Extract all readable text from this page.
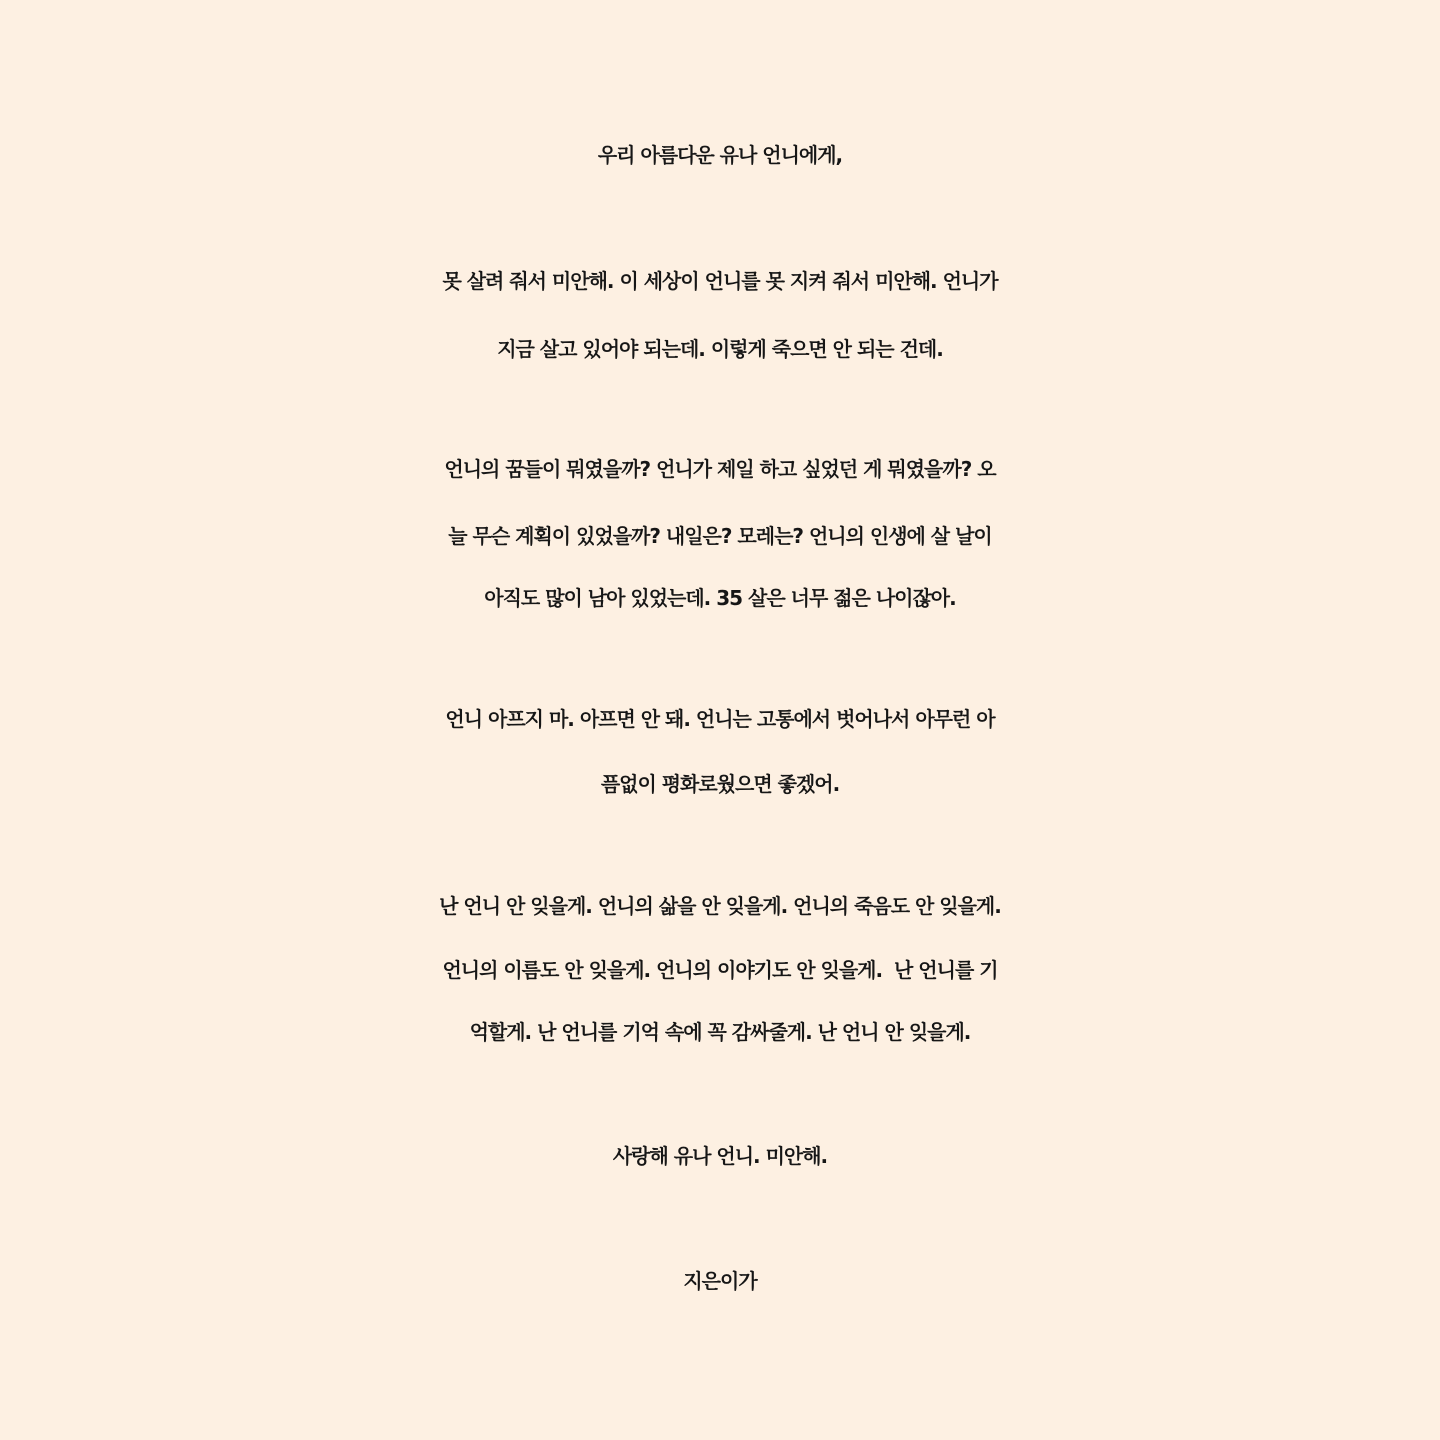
우리 아름다운 유나 언니에게,

못 살려 줘서 미안해. 이 세상이 언니를 못 지켜 줘서 미안해. 언니가

지금 살고 있어야 되는데. 이렇게 죽으면 안 되는 건데.

언니의 꿈들이 뭐였을까? 언니가 제일 하고 싶었던 게 뭐였을까? 오

늘 무슨 계획이 있었을까? 내일은? 모레는? 언니의 인생에 살 날이

아직도 많이 남아 있었는데. 35 살은 너무 젊은 나이잖아.

언니 아프지 마. 아프면 안 돼. 언니는 고통에서 벗어나서 아무런 아

픔없이 평화로웠으면 좋겠어.

난 언니 안 잊을게. 언니의 삶을 안 잊을게. 언니의 죽음도 안 잊을게.

언니의 이름도 안 잊을게. 언니의 이야기도 안 잊을게.  난 언니를 기

억할게. 난 언니를 기억 속에 꼭 감싸줄게. 난 언니 안 잊을게.

사랑해 유나 언니. 미안해.

지은이가
